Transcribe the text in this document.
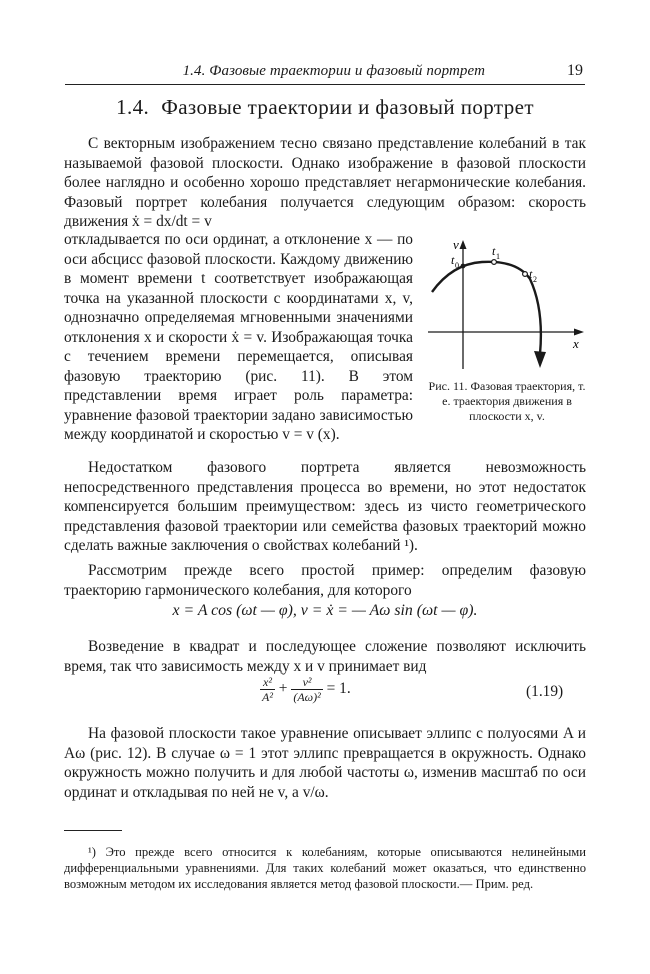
1.4. Фазовые траектории и фазовый портрет	19
1.4. Фазовые траектории и фазовый портрет

С векторным изображением тесно связано представление колебаний в так называемой фазовой плоскости. Однако изображение в фазовой плоскости более наглядно и особенно хорошо представляет негармонические колебания. Фазовый портрет колебания получается следующим образом: скорость движения ẋ = dx/dt = v

откладывается по оси ординат, а отклонение x — по оси абсцисс фазовой плоскости. Каждому движению в момент времени t соответствует изображающая точка на указанной плоскости с координатами x, v, однозначно определяемая мгновенными значениями отклонения x и скорости ẋ = v. Изображающая точка с течением времени перемещается, описывая фазовую траекторию (рис. 11). В этом представлении время играет роль параметра: уравнение фазовой траектории задано зависимостью между координатой и скоростью v = v (x).

v
x
t 0
t 1
t 2
Рис. 11. Фазовая траектория, т. е. траектория движения в плоскости x, v.

Недостатком фазового портрета является невозможность непосредственного представления процесса во времени, но этот недостаток компенсируется большим преимуществом: здесь из чисто геометрического представления фазовой траектории или семейства фазовых траекторий можно сделать важные заключения о свойствах колебаний ¹).

Рассмотрим прежде всего простой пример: определим фазовую траекторию гармонического колебания, для которого

x = A cos (ωt — φ), v = ẋ = — Aω sin (ωt — φ).

Возведение в квадрат и последующее сложение позволяют исключить время, так что зависимость между x и v принимает вид

$\frac{\text{x²}}{\text{A²}} + \frac{\text{v²}}{\text{(Aω)²}} = 1$.	(1.19)

На фазовой плоскости такое уравнение описывает эллипс с полуосями A и Aω (рис. 12). В случае ω = 1 этот эллипс превращается в окружность. Однако окружность можно получить и для любой частоты ω, изменив масштаб по оси ординат и откладывая по ней не v, а v/ω.

¹) Это прежде всего относится к колебаниям, которые описываются нелинейными дифференциальными уравнениями. Для таких колебаний может оказаться, что единственно возможным методом их исследования является метод фазовой плоскости.— Прим. ред.
